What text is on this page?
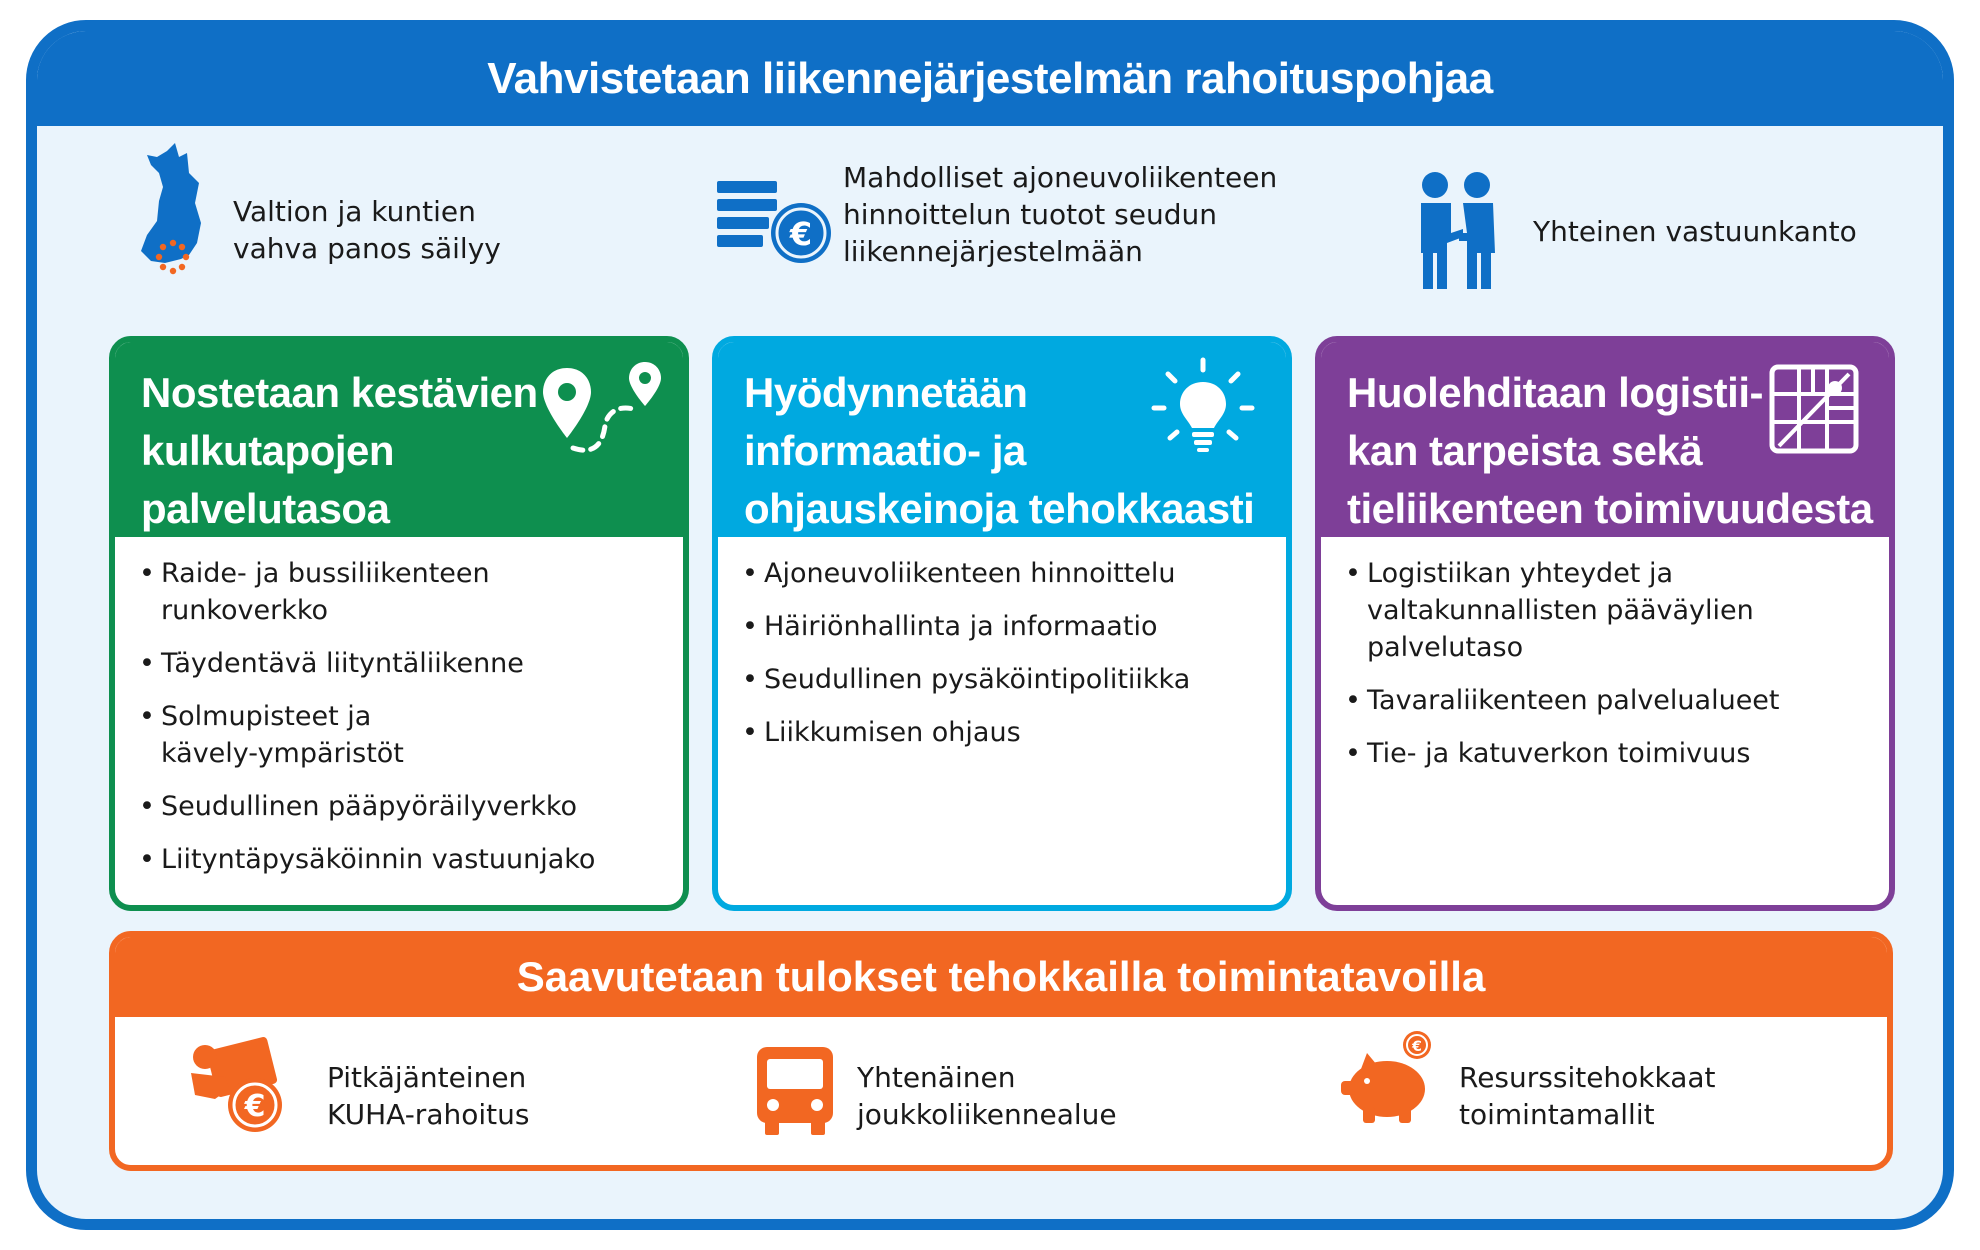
Vahvistetaan liikennejärjestelmän rahoituspohjaa
Valtion ja kuntien
vahva panos säilyy	€
Mahdolliset ajoneuvoliikenteen
hinnoittelun tuotot seudun
liikennejärjestelmään
Yhteinen vastuunkanto
Nostetaan kestävien
kulkutapojen
palvelutasoa
• Raide- ja bussiliikenteen
runkoverkko
• Täydentävä liityntäliikenne
• Solmupisteet ja
kävely-ympäristöt
• Seudullinen pääpyöräilyverkko
• Liityntäpysäköinnin vastuunjako
Hyödynnetään
informaatio- ja
ohjauskeinoja tehokkaasti
• Ajoneuvoliikenteen hinnoittelu
• Häiriönhallinta ja informaatio
• Seudullinen pysäköintipolitiikka
• Liikkumisen ohjaus
Huolehditaan logistii-
kan tarpeista sekä
tieliikenteen toimivuudesta
• Logistiikan yhteydet ja
valtakunnallisten pääväylien
palvelutaso
• Tavaraliikenteen palvelualueet
• Tie- ja katuverkon toimivuus
Saavutetaan tulokset tehokkailla toimintatavoilla
€
Pitkäjänteinen
KUHA-rahoitus
Yhtenäinen
joukkoliikennealue
€
Resurssitehokkaat
toimintamallit
